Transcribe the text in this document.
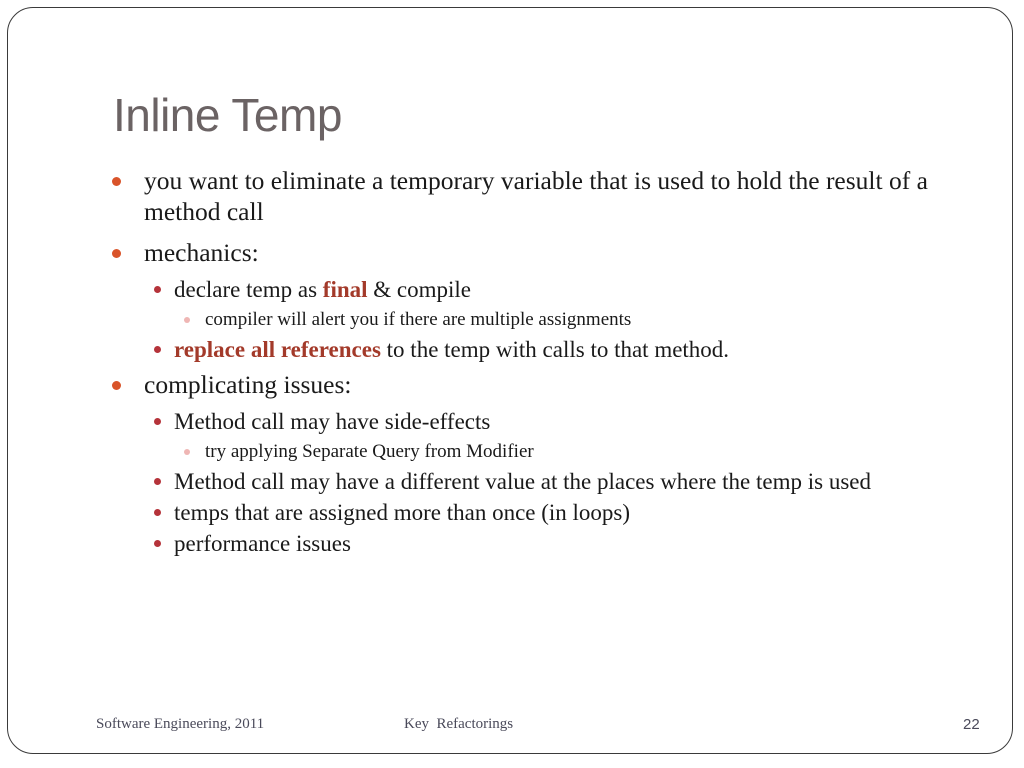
Inline Temp
you want to eliminate a temporary variable that is used to hold the result of a method call
mechanics:
declare temp as final & compile
compiler will alert you if there are multiple assignments
replace all references to the temp with calls to that method.
complicating issues:
Method call may have side-effects
try applying Separate Query from Modifier
Method call may have a different value at the places where the temp is used
temps that are assigned more than once (in loops)
performance issues
Software Engineering, 2011	Key  Refactorings	22
